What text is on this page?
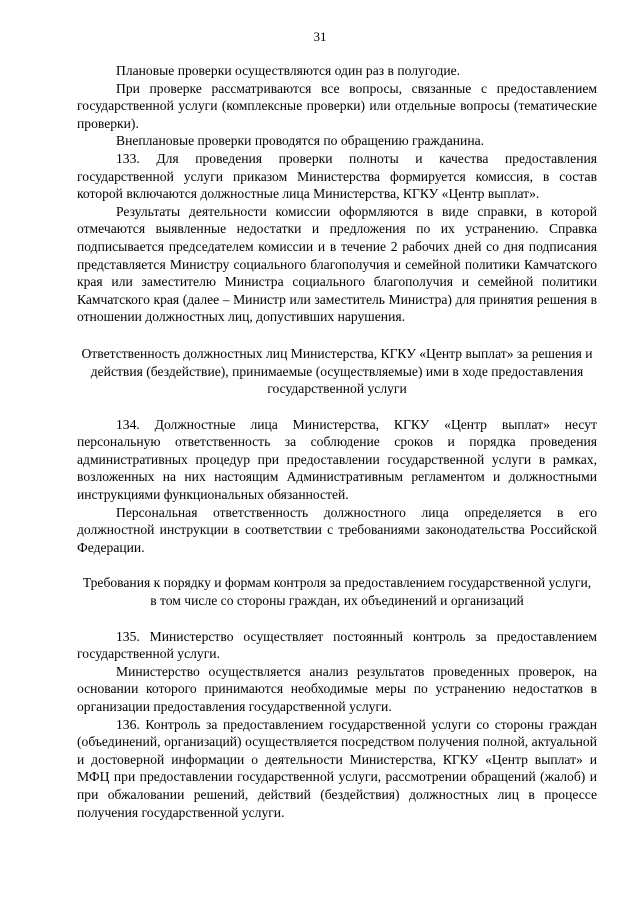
31

Плановые проверки осуществляются один раз в полугодие.

При проверке рассматриваются все вопросы, связанные с предоставлением государственной услуги (комплексные проверки) или отдельные вопросы (тематические проверки).

Внеплановые проверки проводятся по обращению гражданина.

133. Для проведения проверки полноты и качества предоставления государственной услуги приказом Министерства формируется комиссия, в состав которой включаются должностные лица Министерства, КГКУ «Центр выплат».

Результаты деятельности комиссии оформляются в виде справки, в которой отмечаются выявленные недостатки и предложения по их устранению. Справка подписывается председателем комиссии и в течение 2 рабочих дней со дня подписания представляется Министру социального благополучия и семейной политики Камчатского края или заместителю Министра социального благополучия и семейной политики Камчатского края (далее – Министр или заместитель Министра) для принятия решения в отношении должностных лиц, допустивших нарушения.

Ответственность должностных лиц Министерства, КГКУ «Центр выплат» за решения и действия (бездействие), принимаемые (осуществляемые) ими в ходе предоставления государственной услуги

134. Должностные лица Министерства, КГКУ «Центр выплат» несут персональную ответственность за соблюдение сроков и порядка проведения административных процедур при предоставлении государственной услуги в рамках, возложенных на них настоящим Административным регламентом и должностными инструкциями функциональных обязанностей.

Персональная ответственность должностного лица определяется в его должностной инструкции в соответствии с требованиями законодательства Российской Федерации.

Требования к порядку и формам контроля за предоставлением государственной услуги, в том числе со стороны граждан, их объединений и организаций

135. Министерство осуществляет постоянный контроль за предоставлением государственной услуги.

Министерство осуществляется анализ результатов проведенных проверок, на основании которого принимаются необходимые меры по устранению недостатков в организации предоставления государственной услуги.

136. Контроль за предоставлением государственной услуги со стороны граждан (объединений, организаций) осуществляется посредством получения полной, актуальной и достоверной информации о деятельности Министерства, КГКУ «Центр выплат» и МФЦ при предоставлении государственной услуги, рассмотрении обращений (жалоб) и при обжаловании решений, действий (бездействия) должностных лиц в процессе получения государственной услуги.
